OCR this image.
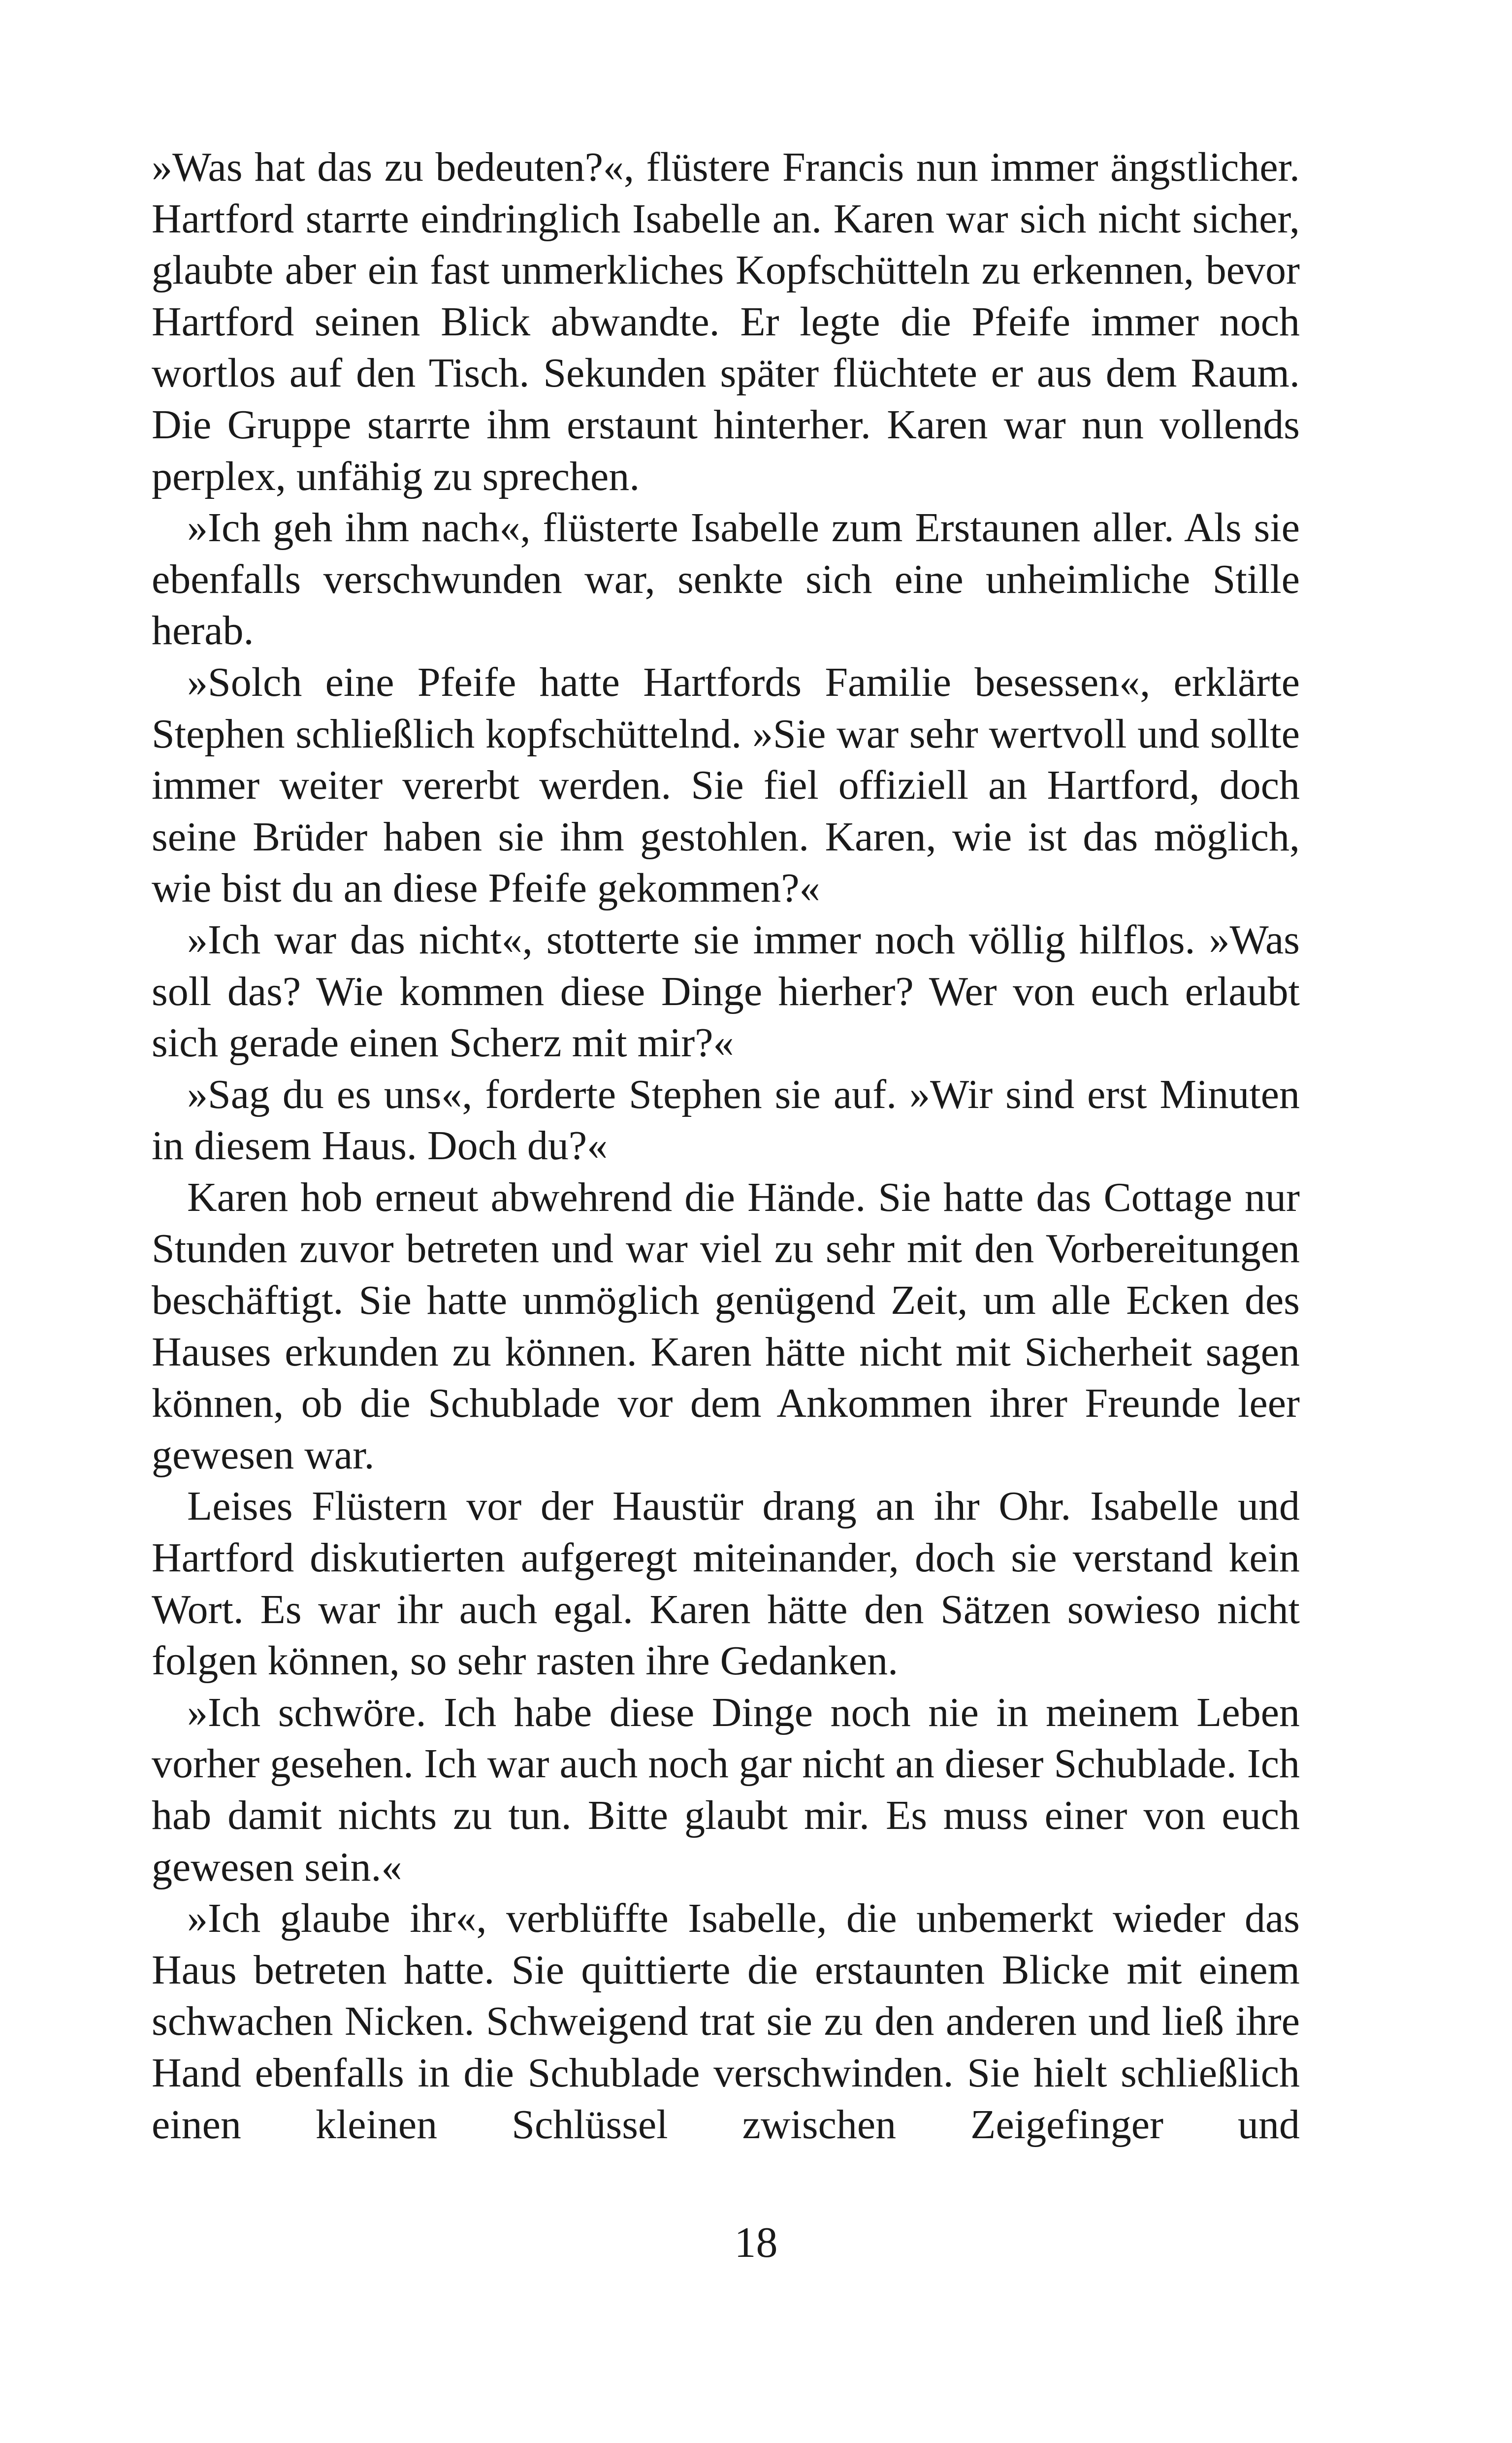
»Was hat das zu bedeuten?«, flüstere Francis nun immer ängstlicher. Hartford starrte eindringlich Isabelle an. Karen war sich nicht sicher, glaubte aber ein fast unmerkliches Kopfschütteln zu erkennen, bevor Hartford seinen Blick abwandte. Er legte die Pfeife immer noch wortlos auf den Tisch. Sekunden später flüchtete er aus dem Raum. Die Gruppe starrte ihm erstaunt hinterher. Karen war nun vollends perplex, unfähig zu sprechen.

»Ich geh ihm nach«, flüsterte Isabelle zum Erstaunen aller. Als sie ebenfalls verschwunden war, senkte sich eine unheimliche Stille herab.

»Solch eine Pfeife hatte Hartfords Familie besessen«, erklärte Stephen schließlich kopfschüttelnd. »Sie war sehr wertvoll und sollte immer weiter vererbt werden. Sie fiel offiziell an Hartford, doch seine Brüder haben sie ihm gestohlen. Karen, wie ist das möglich, wie bist du an diese Pfeife gekommen?«

»Ich war das nicht«, stotterte sie immer noch völlig hilflos. »Was soll das? Wie kommen diese Dinge hierher? Wer von euch erlaubt sich gerade einen Scherz mit mir?«

»Sag du es uns«, forderte Stephen sie auf. »Wir sind erst Minuten in diesem Haus. Doch du?«

Karen hob erneut abwehrend die Hände. Sie hatte das Cottage nur Stunden zuvor betreten und war viel zu sehr mit den Vorbereitungen beschäftigt. Sie hatte unmöglich genügend Zeit, um alle Ecken des Hauses erkunden zu können. Karen hätte nicht mit Sicherheit sagen können, ob die Schublade vor dem Ankommen ihrer Freunde leer gewesen war.

Leises Flüstern vor der Haustür drang an ihr Ohr. Isabelle und Hartford diskutierten aufgeregt miteinander, doch sie verstand kein Wort. Es war ihr auch egal. Karen hätte den Sätzen sowieso nicht folgen können, so sehr rasten ihre Gedanken.

»Ich schwöre. Ich habe diese Dinge noch nie in meinem Leben vorher gesehen. Ich war auch noch gar nicht an dieser Schublade. Ich hab damit nichts zu tun. Bitte glaubt mir. Es muss einer von euch gewesen sein.«

»Ich glaube ihr«, verblüffte Isabelle, die unbemerkt wieder das Haus betreten hatte. Sie quittierte die erstaunten Blicke mit einem schwachen Nicken. Schweigend trat sie zu den anderen und ließ ihre Hand ebenfalls in die Schublade verschwinden. Sie hielt schließlich einen kleinen Schlüssel zwischen Zeigefinger und

18
